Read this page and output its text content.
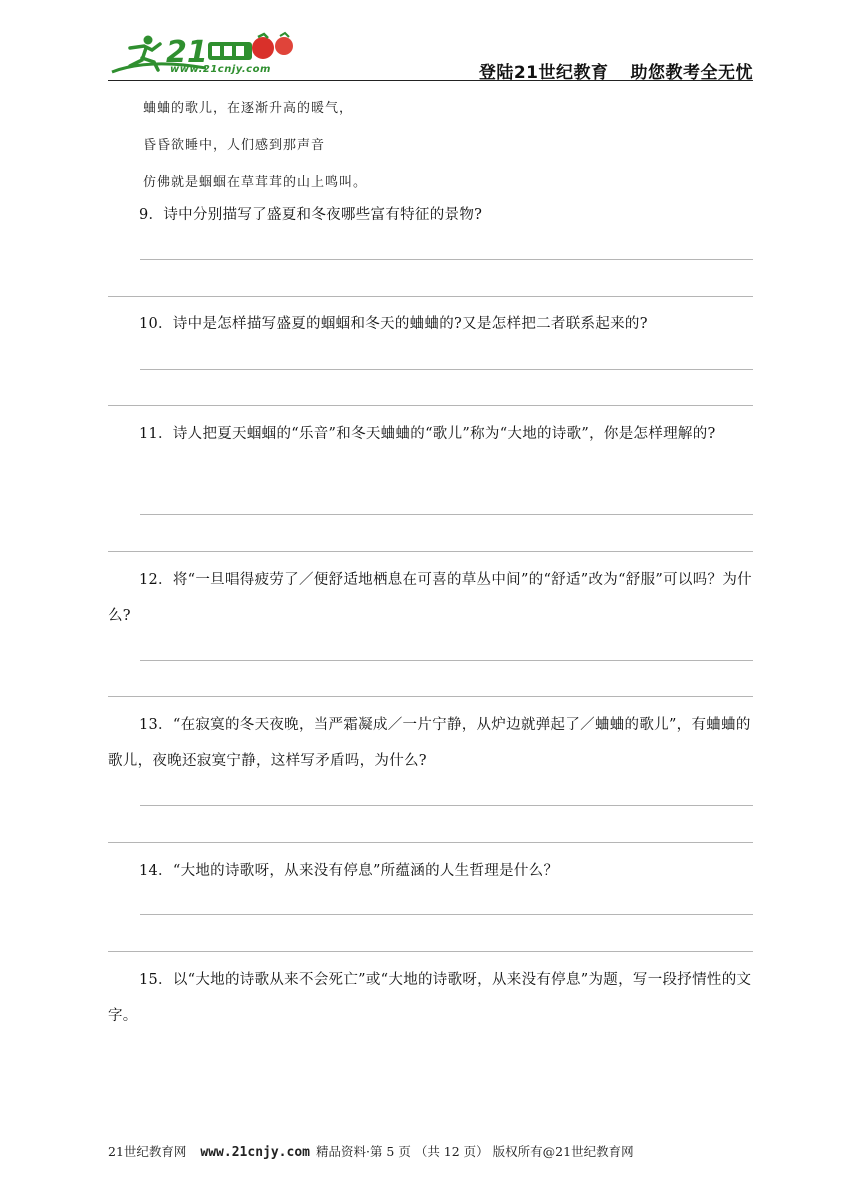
21
www.21cnjy.com	登陆21世纪教育 助您教考全无忧
蛐蛐的歌儿，在逐渐升高的暖气，
昏昏欲睡中，人们感到那声音
仿佛就是蝈蝈在草茸茸的山上鸣叫。
9．诗中分别描写了盛夏和冬夜哪些富有特征的景物?
10．诗中是怎样描写盛夏的蝈蝈和冬天的蛐蛐的?又是怎样把二者联系起来的?
11．诗人把夏天蝈蝈的“乐音”和冬天蛐蛐的“歌儿”称为“大地的诗歌”，你是怎样理解的?
12．将“一旦唱得疲劳了／便舒适地栖息在可喜的草丛中间”的“舒适”改为“舒服”可以吗？为什么?
13．“在寂寞的冬天夜晚，当严霜凝成／一片宁静，从炉边就弹起了／蛐蛐的歌儿”，有蛐蛐的歌儿，夜晚还寂寞宁静，这样写矛盾吗，为什么?
14．“大地的诗歌呀，从来没有停息”所蕴涵的人生哲理是什么？
15．以“大地的诗歌从来不会死亡”或“大地的诗歌呀，从来没有停息”为题，写一段抒情性的文字。
21世纪教育网 www.21cnjy.com 精品资料·第 5 页 （共 12 页） 版权所有@21世纪教育网
